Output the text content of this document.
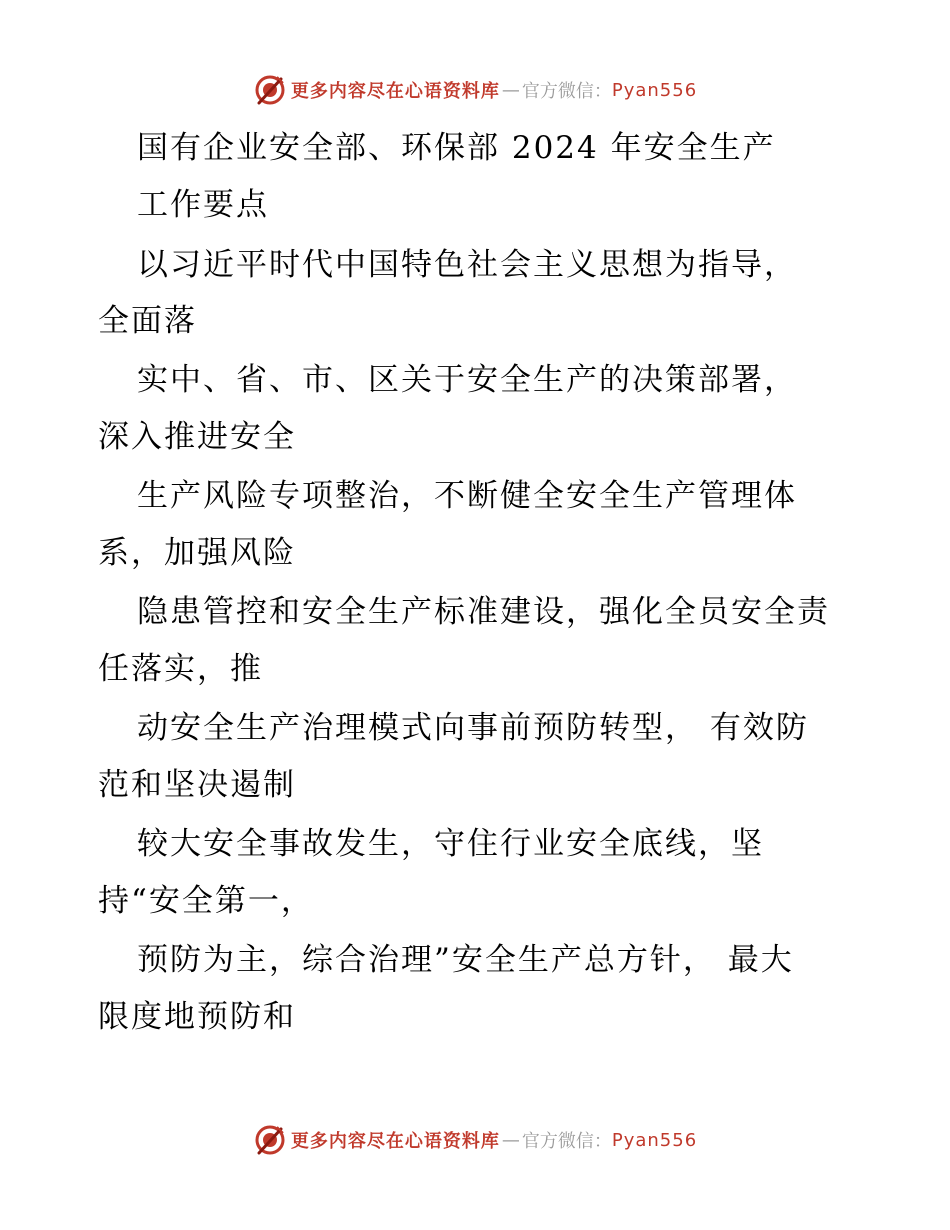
更多内容尽在心语资料库 — 官方微信： Pyan556
国有企业安全部、环保部 2024 年安全生产
工作要点
以习近平时代中国特色社会主义思想为指导，
全面落
实中、省、市、区关于安全生产的决策部署，
深入推进安全
生产风险专项整治，不断健全安全生产管理体
系，加强风险
隐患管控和安全生产标准建设，强化全员安全责
任落实，推
动安全生产治理模式向事前预防转型， 有效防
范和坚决遏制
较大安全事故发生，守住行业安全底线，坚
持“安全第一，
预防为主，综合治理”安全生产总方针， 最大
限度地预防和
更多内容尽在心语资料库 — 官方微信： Pyan556
